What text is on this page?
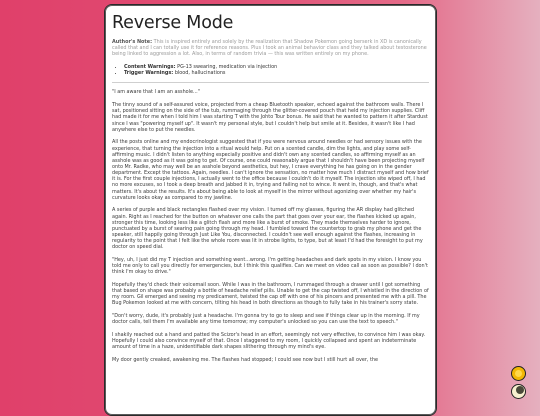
Reverse Mode

Author's Note: This is inspired entirely and solely by the realization that Shadow Pokemon going berserk in XD is canonically called that and I can totally use it for reference reasons. Plus I took an animal behavior class and they talked about testosterone being linked to aggression a lot. Also, in terms of random trivia — this was written entirely on my phone.

• Content Warnings: PG-13 swearing, medication via injection
• Trigger Warnings: blood, hallucinations

"I am aware that I am an asshole..."

The tinny sound of a self-assured voice, projected from a cheap Bluetooth speaker, echoed against the bathroom walls. There I sat, positioned sitting on the side of the tub, rummaging through the glitter-covered pouch that held my injection supplies. Cliff had made it for me when I told him I was starting T with the Johto Tour bonus. He said that he wanted to pattern it after Stardust since I was "powering myself up". It wasn't my personal style, but I couldn't help but smile at it. Besides, it wasn't like I had anywhere else to put the needles.

All the posts online and my endocrinologist suggested that if you were nervous around needles or had sensory issues with the experience, that turning the injection into a ritual would help. Put on a scented candle, dim the lights, and play some self-affirming music. I didn't listen to anything especially positive and didn't own any scented candles, so affirming myself as an asshole was as good as it was going to get. Of course, one could reasonably argue that I shouldn't have been projecting myself onto Mr. Radke, who may well be an asshole beyond aesthetics, but hey, I crave everything he has going on in the gender department. Except the tattoos. Again, needles. I can't ignore the sensation, no matter how much I distract myself and how brief it is. For the first couple injections, I actually went to the office because I couldn't do it myself. The injection site wiped off, I had no more excuses, so I took a deep breath and jabbed it in, trying and failing not to wince. It went in, though, and that's what matters. It's about the results. It's about being able to look at myself in the mirror without agonizing over whether my hair's curvature looks okay as compared to my jawline.

A series of purple and black rectangles flashed over my vision. I turned off my glasses, figuring the AR display had glitched again. Right as I reached for the button on whatever one calls the part that goes over your ear, the flashes kicked up again, stronger this time, looking less like a glitch flash and more like a burst of smoke. They made themselves harder to ignore, punctuated by a burst of searing pain going through my head. I fumbled toward the countertop to grab my phone and get the speaker, still happily going through Just Like You, disconnected. I couldn't see well enough against the flashes, increasing in regularity to the point that I felt like the whole room was lit in strobe lights, to type, but at least I'd had the foresight to put my doctor on speed dial.

"Hey, uh, I just did my T injection and something went...wrong. I'm getting headaches and dark spots in my vision. I know you told me only to call you directly for emergencies, but I think this qualifies. Can we meet on video call as soon as possible? I don't think I'm okay to drive."

Hopefully they'd check their voicemail soon. While I was in the bathroom, I rummaged through a drawer until I got something that based on shape was probably a bottle of headache relief pills. Unable to get the cap twisted off, I whistled in the direction of my room. Gil emerged and seeing my predicament, twisted the cap off with one of his pincers and presented me with a pill. The Bug Pokemon looked at me with concern, tilting his head in both directions as though to fully take in his trainer's sorry state.

"Don't worry, dude, it's probably just a headache. I'm gonna try to go to sleep and see if things clear up in the morning. If my doctor calls, tell them I'm available any time tomorrow; my computer's unlocked so you can use the text to speech."

I shakily reached out a hand and patted the Scizor's head in an effort, seemingly not very effective, to convince him I was okay. Hopefully I could also convince myself of that. Once I staggered to my room, I quickly collapsed and spent an indeterminate amount of time in a haze, unidentifiable dark shapes slithering through my mind's eye.

My door gently creaked, awakening me. The flashes had stopped; I could see now but I still hurt all over, the
